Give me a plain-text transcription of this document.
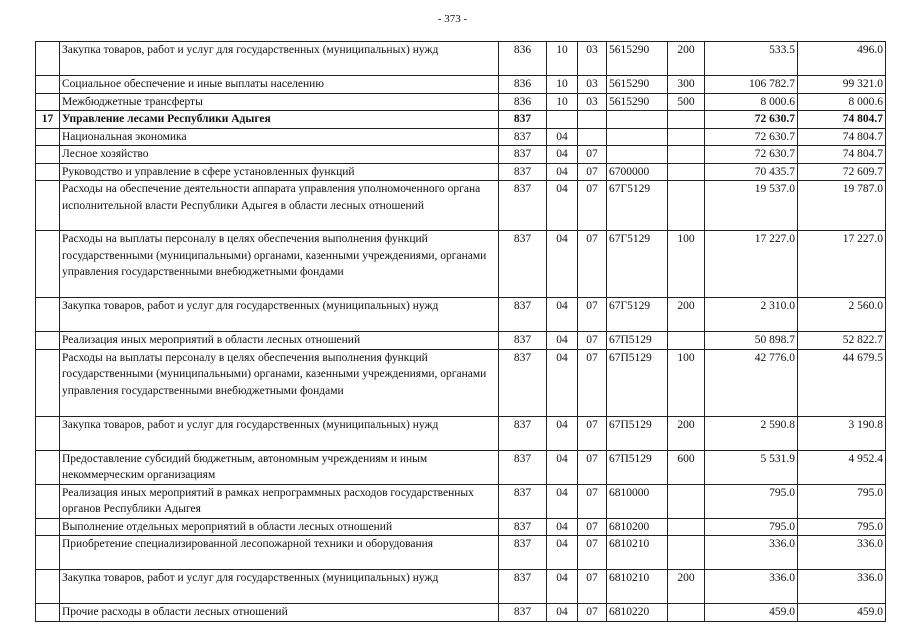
- 373 -
	Закупка товаров, работ и услуг для государственных (муниципальных) нужд	836	10	03	5615290	200	533.5	496.0
	Социальное обеспечение и иные выплаты населению	836	10	03	5615290	300	106 782.7	99 321.0
	Межбюджетные трансферты	836	10	03	5615290	500	8 000.6	8 000.6
17	Управление лесами Республики Адыгея	837					72 630.7	74 804.7
	Национальная экономика	837	04				72 630.7	74 804.7
	Лесное хозяйство	837	04	07			72 630.7	74 804.7
	Руководство и управление в сфере установленных функций	837	04	07	6700000		70 435.7	72 609.7
	Расходы на обеспечение деятельности аппарата управления уполномоченного органа исполнительной власти Республики Адыгея в области лесных отношений	837	04	07	67Г5129		19 537.0	19 787.0
	Расходы на выплаты персоналу в целях обеспечения выполнения функций государственными (муниципальными) органами, казенными учреждениями, органами управления государственными внебюджетными фондами	837	04	07	67Г5129	100	17 227.0	17 227.0
	Закупка товаров, работ и услуг для государственных (муниципальных) нужд	837	04	07	67Г5129	200	2 310.0	2 560.0
	Реализация иных мероприятий в области лесных отношений	837	04	07	67П5129		50 898.7	52 822.7
	Расходы на выплаты персоналу в целях обеспечения выполнения функций государственными (муниципальными) органами, казенными учреждениями, органами управления государственными внебюджетными фондами	837	04	07	67П5129	100	42 776.0	44 679.5
	Закупка товаров, работ и услуг для государственных (муниципальных) нужд	837	04	07	67П5129	200	2 590.8	3 190.8
	Предоставление субсидий бюджетным, автономным учреждениям и иным некоммерческим организациям	837	04	07	67П5129	600	5 531.9	4 952.4
	Реализация иных мероприятий в рамках непрограммных расходов государственных органов Республики Адыгея	837	04	07	6810000		795.0	795.0
	Выполнение отдельных мероприятий в области лесных отношений	837	04	07	6810200		795.0	795.0
	Приобретение специализированной лесопожарной техники и оборудования	837	04	07	6810210		336.0	336.0
	Закупка товаров, работ и услуг для государственных (муниципальных) нужд	837	04	07	6810210	200	336.0	336.0
	Прочие расходы в области лесных отношений	837	04	07	6810220		459.0	459.0
